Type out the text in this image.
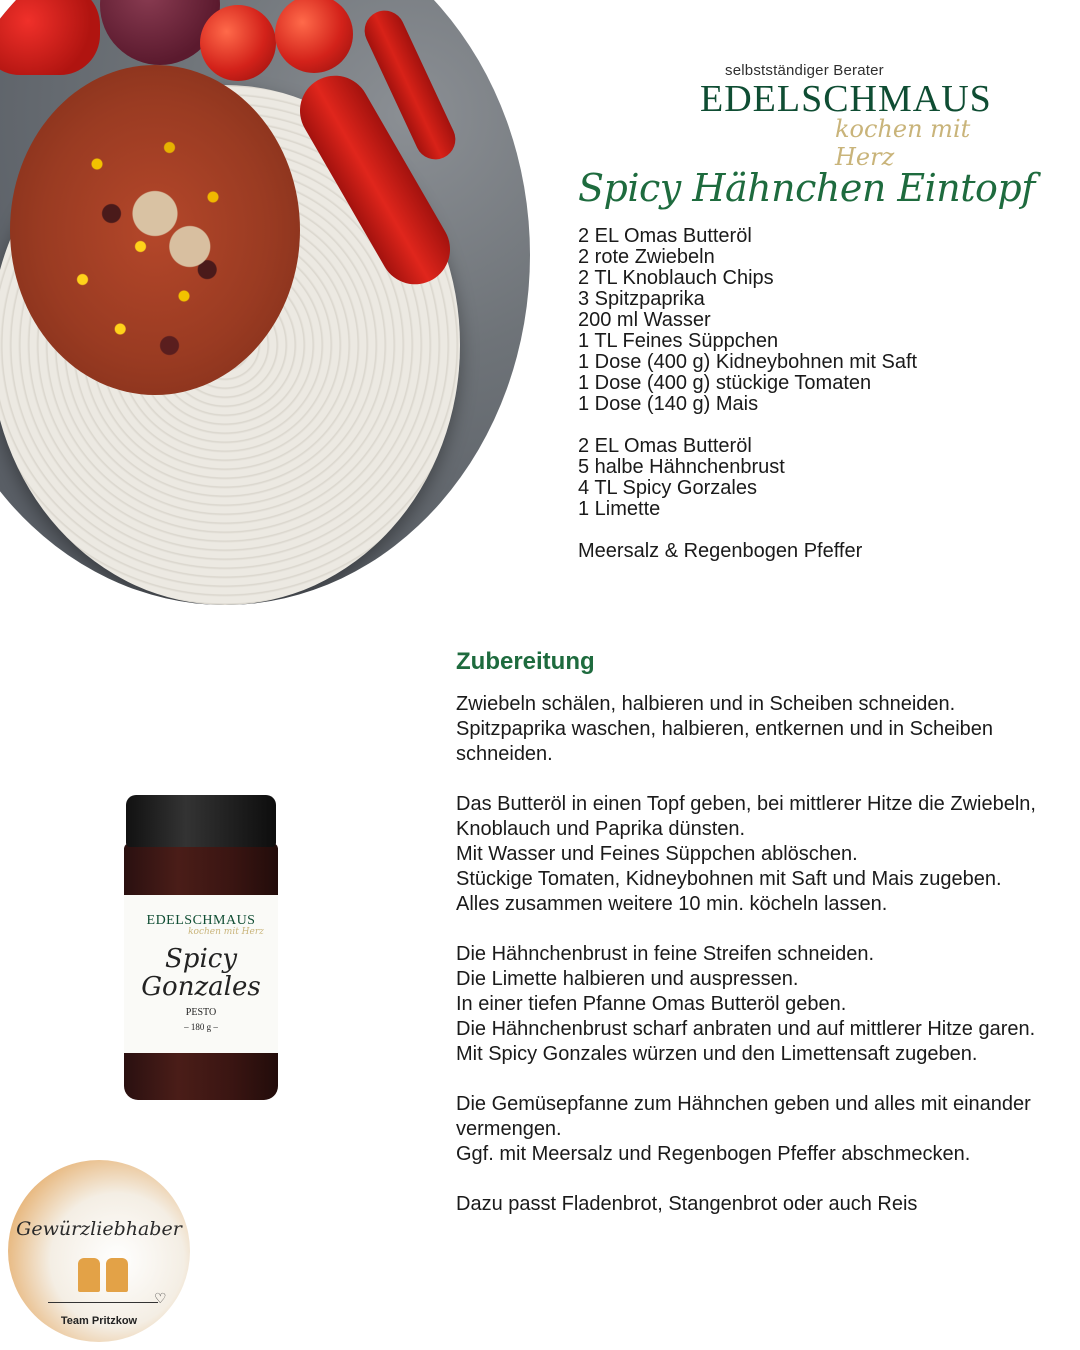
selbstständiger Berater
EDELSCHMAUS
kochen mit Herz
Spicy Hähnchen Eintopf
2 EL Omas Butteröl
2 rote Zwiebeln
2 TL Knoblauch Chips
3 Spitzpaprika
200 ml Wasser
1 TL Feines Süppchen
1 Dose (400 g) Kidneybohnen mit Saft
1 Dose (400 g) stückige Tomaten
1 Dose (140 g) Mais
2 EL Omas Butteröl
5 halbe Hähnchenbrust
4 TL Spicy Gorzales
1 Limette
Meersalz & Regenbogen Pfeffer
Zubereitung

Zwiebeln schälen, halbieren und in Scheiben schneiden.
Spitzpaprika waschen, halbieren, entkernen und in Scheiben schneiden.

Das Butteröl in einen Topf geben, bei mittlerer Hitze die Zwiebeln, Knoblauch und Paprika dünsten.
Mit Wasser und Feines Süppchen ablöschen.
Stückige Tomaten, Kidneybohnen mit Saft und Mais zugeben.
Alles zusammen weitere 10 min. köcheln lassen.

Die Hähnchenbrust in feine Streifen schneiden.
Die Limette halbieren und auspressen.
In einer tiefen Pfanne Omas Butteröl geben.
Die Hähnchenbrust scharf anbraten und auf mittlerer Hitze garen.
Mit Spicy Gonzales würzen und den Limettensaft zugeben.

Die Gemüsepfanne zum Hähnchen geben und alles mit einander vermengen.
Ggf. mit Meersalz und Regenbogen Pfeffer abschmecken.

Dazu passt Fladenbrot, Stangenbrot oder auch Reis

EDELSCHMAUS
kochen mit Herz
Spicy
Gonzales
PESTO
– 180 g –
Gewürzliebhaber
♡
Team Pritzkow
